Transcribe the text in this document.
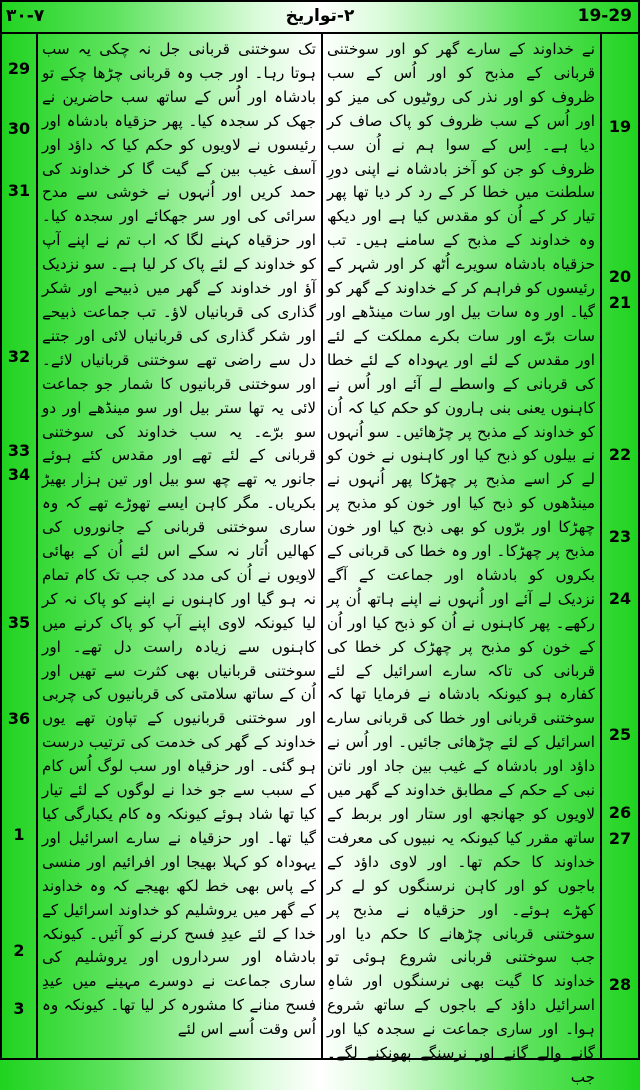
٧-٣٠	٢-تواریخ	19-29
29
30
31
32
33
34
35
36
1
2
3
19
20
21
22
23
24
25
26
27
28

نے خداوند کے سارے گھر کو اور سوختنی قربانی کے مذبح کو اور اُس کے سب ظروف کو اور نذر کی روٹیوں کی میز کو اور اُس کے سب ظروف کو پاک صاف کر دیا ہے۔ اِس کے سوا ہم نے اُن سب ظروف کو جن کو آخز بادشاہ نے اپنی دورِ سلطنت میں خطا کر کے رد کر دیا تھا پھر تیار کر کے اُن کو مقدس کیا ہے اور دیکھ وہ خداوند کے مذبح کے سامنے ہیں۔ تب حزقیاہ بادشاہ سویرے اُٹھ کر اور شہر کے رئیسوں کو فراہم کر کے خداوند کے گھر کو گیا۔ اور وہ سات بیل اور سات مینڈھے اور سات برّے اور سات بکرے مملکت کے لئے اور مقدس کے لئے اور یہوداہ کے لئے خطا کی قربانی کے واسطے لے آئے اور اُس نے کاہنوں یعنی بنی ہارون کو حکم کیا کہ اُن کو خداوند کے مذبح پر چڑھائیں۔ سو اُنہوں نے بیلوں کو ذبح کیا اور کاہنوں نے خون کو لے کر اسے مذبح پر چھڑکا پھر اُنہوں نے مینڈھوں کو ذبح کیا اور خون کو مذبح پر چھڑکا اور برّوں کو بھی ذبح کیا اور خون مذبح پر چھڑکا۔ اور وہ خطا کی قربانی کے بکروں کو بادشاہ اور جماعت کے آگے نزدیک لے آئے اور اُنہوں نے اپنے ہاتھ اُن پر رکھے۔ پھر کاہنوں نے اُن کو ذبح کیا اور اُن کے خون کو مذبح پر چھڑک کر خطا کی قربانی کی تاکہ سارے اسرائیل کے لئے کفارہ ہو کیونکہ بادشاہ نے فرمایا تھا کہ سوختنی قربانی اور خطا کی قربانی سارے اسرائیل کے لئے چڑھائی جائیں۔ اور اُس نے داؤد اور بادشاہ کے غیب بین جاد اور ناتن نبی کے حکم کے مطابق خداوند کے گھر میں لاویوں کو جھانجھ اور ستار اور بربط کے ساتھ مقرر کیا کیونکہ یہ نبیوں کی معرفت خداوند کا حکم تھا۔ اور لاوی داؤد کے باجوں کو اور کاہن نرسنگوں کو لے کر کھڑے ہوئے۔ اور حزقیاہ نے مذبح پر سوختنی قربانی چڑھانے کا حکم دیا اور جب سوختنی قربانی شروع ہوئی تو خداوند کا گیت بھی نرسنگوں اور شاہِ اسرائیل داؤد کے باجوں کے ساتھ شروع ہوا۔ اور ساری جماعت نے سجدہ کیا اور گانے والے گانے اور نرسنگے پھونکنے لگے۔ جب

تک سوختنی قربانی جل نہ چکی یہ سب ہوتا رہا۔ اور جب وہ قربانی چڑھا چکے تو بادشاہ اور اُس کے ساتھ سب حاضرین نے جھک کر سجدہ کیا۔ پھر حزقیاہ بادشاہ اور رئیسوں نے لاویوں کو حکم کیا کہ داؤد اور آسف غیب بین کے گیت گا کر خداوند کی حمد کریں اور اُنہوں نے خوشی سے مدح سرائی کی اور سر جھکائے اور سجدہ کیا۔ اور حزقیاہ کہنے لگا کہ اب تم نے اپنے آپ کو خداوند کے لئے پاک کر لیا ہے۔ سو نزدیک آؤ اور خداوند کے گھر میں ذبیحے اور شکر گذاری کی قربانیاں لاؤ۔ تب جماعت ذبیحے اور شکر گذاری کی قربانیاں لائی اور جتنے دل سے راضی تھے سوختنی قربانیاں لائے۔ اور سوختنی قربانیوں کا شمار جو جماعت لائی یہ تھا ستر بیل اور سو مینڈھے اور دو سو برّے۔ یہ سب خداوند کی سوختنی قربانی کے لئے تھے اور مقدس کئے ہوئے جانور یہ تھے چھ سو بیل اور تین ہزار بھیڑ بکریاں۔ مگر کاہن ایسے تھوڑے تھے کہ وہ ساری سوختنی قربانی کے جانوروں کی کھالیں اُتار نہ سکے اس لئے اُن کے بھائی لاویوں نے اُن کی مدد کی جب تک کام تمام نہ ہو گیا اور کاہنوں نے اپنے کو پاک نہ کر لیا کیونکہ لاوی اپنے آپ کو پاک کرنے میں کاہنوں سے زیادہ راست دل تھے۔ اور سوختنی قربانیاں بھی کثرت سے تھیں اور اُن کے ساتھ سلامتی کی قربانیوں کی چربی اور سوختنی قربانیوں کے تپاون تھے یوں خداوند کے گھر کی خدمت کی ترتیب درست ہو گئی۔ اور حزقیاہ اور سب لوگ اُس کام کے سبب سے جو خدا نے لوگوں کے لئے تیار کیا تھا شاد ہوئے کیونکہ وہ کام یکبارگی کیا گیا تھا۔ اور حزقیاہ نے سارے اسرائیل اور یہوداہ کو کہلا بھیجا اور افرائیم اور منسی کے پاس بھی خط لکھ بھیجے کہ وہ خداوند کے گھر میں یروشلیم کو خداوند اسرائیل کے خدا کے لئے عیدِ فسح کرنے کو آئیں۔ کیونکہ بادشاہ اور سرداروں اور یروشلیم کی ساری جماعت نے دوسرے مہینے میں عیدِ فسح منانے کا مشورہ کر لیا تھا۔ کیونکہ وہ اُس وقت اُسے اس لئے
